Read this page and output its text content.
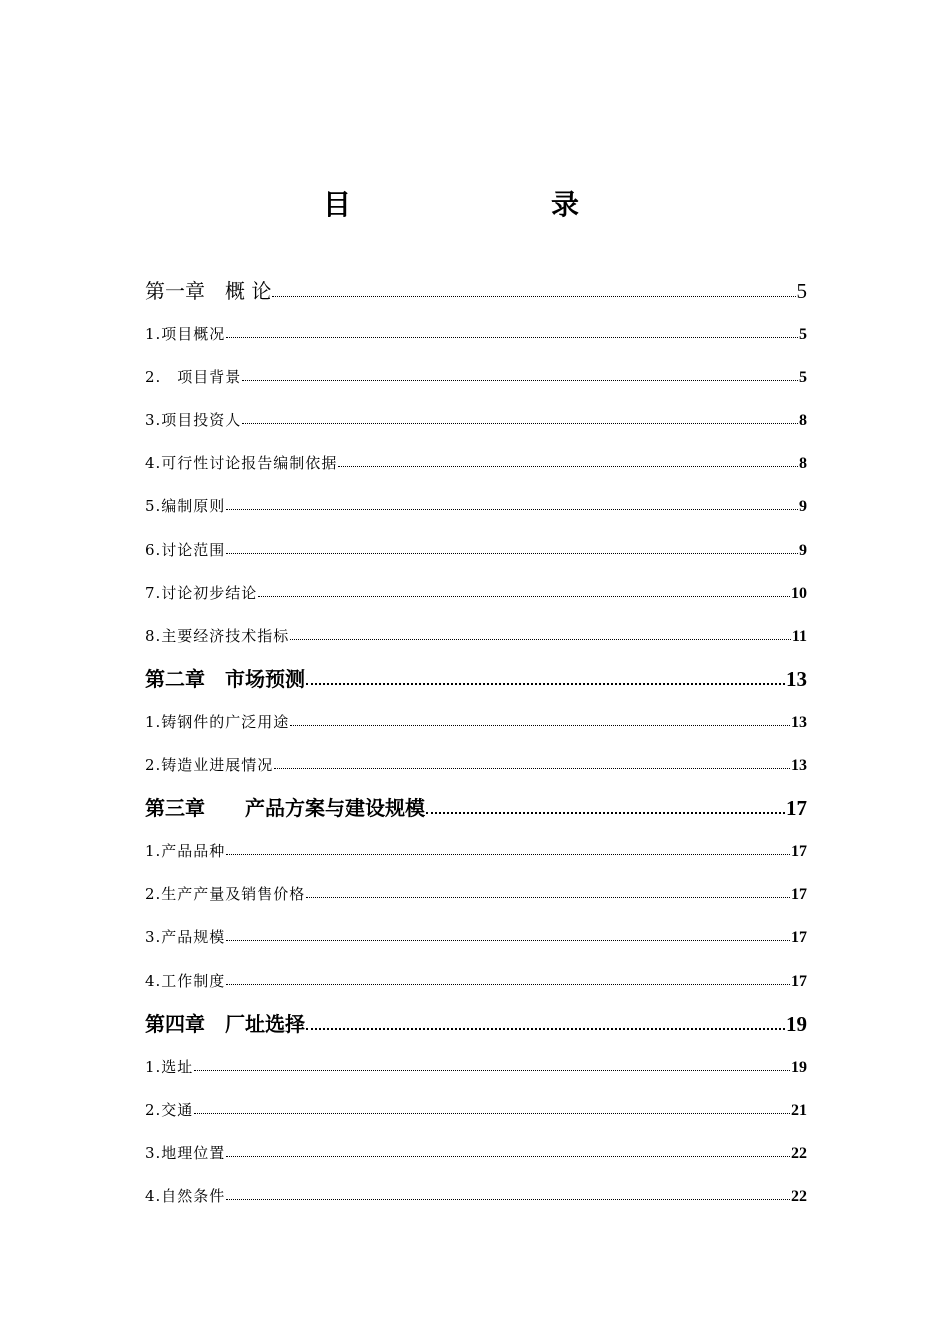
目　　录
第一章　概 论	5
1.项目概况	5
2.　项目背景	5
3.项目投资人	8
4.可行性讨论报告编制依据	8
5.编制原则	9
6.讨论范围	9
7.讨论初步结论	10
8.主要经济技术指标	11
第二章　市场预测	13
1.铸钢件的广泛用途	13
2.铸造业进展情况	13
第三章　　产品方案与建设规模	17
1.产品品种	17
2.生产产量及销售价格	17
3.产品规模	17
4.工作制度	17
第四章　厂址选择	19
1.选址	19
2.交通	21
3.地理位置	22
4.自然条件	22
